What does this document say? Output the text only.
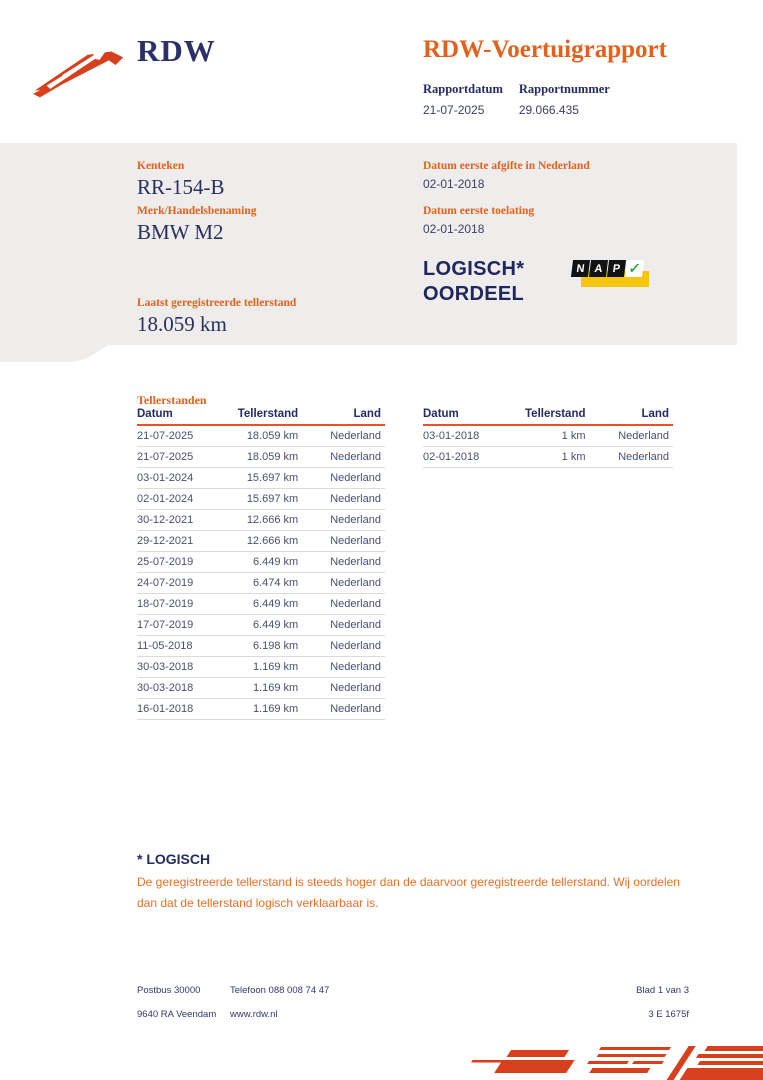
RDW	RDW-Voertuigrapport
Rapportdatum
21-07-2025
Rapportnummer
29.066.435
Kenteken
RR-154-B
Merk/Handelsbenaming
BMW M2
Laatst geregistreerde tellerstand
18.059 km
Datum eerste afgifte in Nederland
02-01-2018
Datum eerste toelating
02-01-2018
LOGISCH*
OORDEEL
N A P ✓
Tellerstanden
Datum	Tellerstand	Land
21-07-2025	18.059 km	Nederland
21-07-2025	18.059 km	Nederland
03-01-2024	15.697 km	Nederland
02-01-2024	15.697 km	Nederland
30-12-2021	12.666 km	Nederland
29-12-2021	12.666 km	Nederland
25-07-2019	6.449 km	Nederland
24-07-2019	6.474 km	Nederland
18-07-2019	6.449 km	Nederland
17-07-2019	6.449 km	Nederland
11-05-2018	6.198 km	Nederland
30-03-2018	1.169 km	Nederland
30-03-2018	1.169 km	Nederland
16-01-2018	1.169 km	Nederland
Datum	Tellerstand	Land
03-01-2018	1 km	Nederland
02-01-2018	1 km	Nederland
* LOGISCH
De geregistreerde tellerstand is steeds hoger dan de daarvoor geregistreerde tellerstand. Wij oordelen dan dat de tellerstand logisch verklaarbaar is.
Postbus 30000
9640 RA Veendam
Telefoon 088 008 74 47
www.rdw.nl
Blad 1 van 3
3 E 1675f
